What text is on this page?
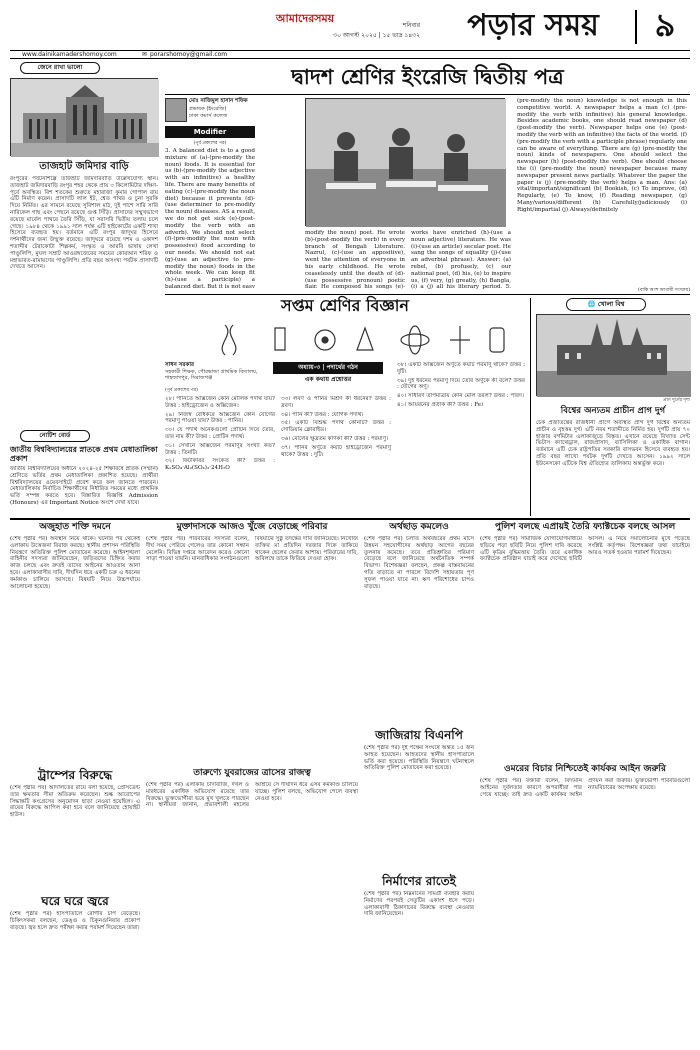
আমাদেরসময়
শনিবার
৩০ আগস্ট ২০২৫ | ১৫ ভাদ্র ১৪৩২	পড়ার সময়	৯
www.dainikamadershomoy.com	✉ porarshomoy@gmail.com
জেনে রাখা ভালো
তাজহাট জমিদার বাড়ি
রংপুরের পর্যটনশিল্পে তাজহাট জমিদারবাড়ি উল্লেখযোগ্য স্থান। তাজহাট জমিদারবাড়ি রংপুর শহর থেকে প্রায় ৩ কিলোমিটার দক্ষিণ-পূর্বে অবস্থিত। বিশ শতকের শুরুতে মহারাজা কুমার গোপাল রায় এটি নির্মাণ করেন। প্রাসাদটি লাল ইট, শ্বেত পাথর ও চুনা সুরকি দিয়ে নির্মিত। এর সামনে রয়েছে সুবিশাল মাঠ, দুই পাশে সারি সারি নারিকেল গাছ এবং পেছনে রয়েছে গুপ্ত সিঁড়ি। প্রাসাদের সম্মুখভাগে রয়েছে মার্বেল পাথরে তৈরি সিঁড়ি, যা সরাসরি দ্বিতীয় তলায় চলে গেছে। ১৯৮৪ থেকে ১৯৯১ সাল পর্যন্ত এটি হাইকোর্টের একটি শাখা হিসেবে ব্যবহৃত হয়। বর্তমানে এটি রংপুর জাদুঘর হিসেবে দর্শনার্থীদের জন্য উন্মুক্ত রয়েছে। জাদুঘরে রয়েছে দশম ও একাদশ শতাব্দীর টেরাকোটা শিল্পকর্ম, সংস্কৃত ও আরবি ভাষায় লেখা পাণ্ডুলিপি, মুঘল সম্রাট আওরঙ্গজেবের সময়ের কোরআন শরিফ ও মহাভারত-রামায়ণের পাণ্ডুলিপি। প্রতি বছর অসংখ্য পর্যটক প্রাসাদটি দেখতে আসেন।
নোটিশ বোর্ড
জাতীয় বিশ্ববিদ্যালয়ের স্নাতকে প্রথম মেধাতালিকা প্রকাশ
জাতীয় বিশ্ববিদ্যালয়ের অধীনে ২০২৪-২৫ শিক্ষাবর্ষে স্নাতক (সম্মান) শ্রেণিতে ভর্তির প্রথম মেধাতালিকা প্রকাশিত হয়েছে। প্রার্থীরা বিশ্ববিদ্যালয়ের ওয়েবসাইটে প্রবেশ করে ফল জানতে পারবেন। মেধাতালিকায় নির্বাচিত শিক্ষার্থীদের নির্ধারিত সময়ের মধ্যে প্রাথমিক ভর্তি সম্পন্ন করতে হবে। বিস্তারিত বিজ্ঞপ্তি Admission (Honours) এর Important Notice অংশে দেখা যাবে।
দ্বাদশ শ্রেণির ইংরেজি দ্বিতীয় পত্র
মোঃ নাজিমুল হাসান শফিক
প্রভাষক (ইংরেজি)
ঢাকা কমার্স কলেজ
Modifier
(পূর্ব প্রকাশের পর)
3. A balanced diet is to a good mixture of (a)-(pre-modify the noun) foods. It is essential for us (b)-(pre-modify the adjective with an infinitive) a healthy life. There are many benefits of eating (c)-(pre-modify the noun diet) because it prevents (d)-(use determiner to pre-modify the noun) diseases. AS a result, we do not get sick (e)-(post-modify the verb with an adverb). We should not select (f)-(pre-modify the noun with possessive) food according to our needs. We should not eat (g)-(use an adjective to pre-modify the noun) foods in the whole week. We can keep fit (h)-(use a participle) a balanced diet. But it is not easy
modify the noun) poet. He wrote (b)-(post-modify the verb) in every branch of Bengali Literature. Nazrul, (c)-(use an appositive), went the attention of everyone in his early childhood. He wrote ceaselessly until the death of (d)-(use possessive pronoun) poetic flair. He composed his songs (e)-
works have enriched (h)-(use a noun adjective) literature. He was (i)-(use an article) secular poet. He sang the songs of equality (j)-(use an adverbial phrase). Answer: (a) rebel, (b) profusely, (c) our national poet, (d) his, (e) to inspire us, (f) very, (g) greatly, (h) Bangla, (i) a (j) all his literary period. 5.
(pre-modify the noun) knowledge is not enough in this competitive world. A newspaper helps a man (c) (pre-modify the verb with infinitive) his general knowledge. Besides academic books, one should read newspaper (d) (post-modify the verb). Newspaper helps one (e) (post-modify the verb with an infinitive) the facts of the world. (f) (pre-modify the verb with a participle phrase) regularly one can be aware of everything. There are (g) (pre-modify the noun) kinds of newspapers. One should select the newspaper (h) (post-modify the verb). One should choose the (i) (pre-modify the noun) newspaper because many newspaper present news partially. Whatever the paper the paper is (j) (pre-modify the verb) helps a man. Ans: (a) vital/important/significant (b) Bookish, (c) To improve, (d) Regularly, (e) To know, (f) Reading newspaper, (g) Many/various/different (h) Carefully/judiciously (i) Right/impartial (j) Always/definitely
(বাকি অংশ আগামী সংখ্যায়)
সপ্তম শ্রেণির বিজ্ঞান
সাধন সরকার
সহকারী শিক্ষক, পৌরভান্ডা প্রাথমিক বিদ্যালয়, শাহজাদপুর, সিরাজগঞ্জ
অধ্যায়-৩ | পদার্থের গঠন
এক কথায় প্রশ্নোত্তর
(পূর্ব প্রকাশের পর)
২৮। পানিতে অক্সিজেন কোন মৌলিক পদার্থ যায়? উত্তর : হাইড্রোজেন ও অক্সিজেন।
২৯। নিজস্ব বোধকরে অক্সিজেন কোন যৌগের পরমাণু পাওয়া যায়? উত্তর : পানির।
৩০। যে পদার্থ অনেকগুলো প্রোটিন দিয়ে তৈরি, তার নাম কী? উত্তর : প্রোটিন পদার্থ।
৩১। সেখানে অক্সিজেন পরমাণুর সংখ্যা কত? উত্তর : তিনটি।
৩২। ফিটকিরির সংকেত কী? উত্তর : K₂SO₄·Al₂(SO₄)₃·24H₂O
৩৩। লবণ ও পানির মিশ্রণ কী ধরনের? উত্তর : দ্রবণ।
৩৪। পানি কী? উত্তর : যৌগিক পদার্থ।
৩৫। একটি বিশুদ্ধ পদার্থ কোনটি? উত্তর : সোডিয়াম ক্লোরাইড।
৩৬। মৌলের ক্ষুদ্রতম কণিকা কী? উত্তর : পরমাণু।
৩৭। পানির অণুতে কয়টি হাইড্রোজেন পরমাণু থাকে? উত্তর : দুটি।
৩৮। একটি অক্সিজেন অণুতে কয়টি পরমাণু থাকে? উত্তর : দুটি।
৩৯। দুই ধরনের পরমাণু দিয়ে তৈরি অণুকে কী বলে? উত্তর : যৌগের অণু।
৪০। সাধারণ তাপমাত্রায় কোন মৌল তরল? উত্তর : পারদ।
৪১। আয়রনের প্রতীক কী? উত্তর : Fe।
🌐 খোলা বিশ্ব
প্রাগ দুর্গের দৃশ্য
বিশ্বের অন্যতম প্রাচীন প্রাগ দুর্গ
চেক প্রজাতন্ত্রের রাজধানী প্রাগে অবস্থিত প্রাগ দুর্গ বিশ্বের অন্যতম প্রাচীন ও বৃহত্তম দুর্গ। এটি নবম শতাব্দীতে নির্মিত হয়। দুর্গটি প্রায় ৭০ হাজার বর্গমিটার এলাকাজুড়ে বিস্তৃত। এখানে রয়েছে বিখ্যাত সেন্ট ভিটাস ক্যাথেড্রাল, রাজপ্রাসাদ, ব্যাসিলিকা ও একাধিক বাগান। বর্তমানে এটি চেক রাষ্ট্রপতির সরকারি বাসভবন হিসেবে ব্যবহৃত হয়। প্রতি বছর লাখো পর্যটক দুর্গটি দেখতে আসেন। ১৯৯২ সালে ইউনেসকো এটিকে বিশ্ব ঐতিহ্যের তালিকায় অন্তর্ভুক্ত করে।
অজুহাত শক্তি দমনে
(শেষ পৃষ্ঠার পর) অবস্থান নিয়ে থাকে। ঘটনার পর থেকেই এলাকায় উত্তেজনা বিরাজ করছে। স্থানীয় প্রশাসন পরিস্থিতি নিয়ন্ত্রণে অতিরিক্ত পুলিশ মোতায়েন করেছে। আইনশৃঙ্খলা বাহিনীর সদস্যরা জানিয়েছেন, জড়িতদের চিহ্নিত করার কাজ চলছে এবং দ্রুতই তাদের আইনের আওতায় আনা হবে। এলাকাবাসীর দাবি, দীর্ঘদিন ধরে একটি চক্র এ ধরনের কর্মকাণ্ড চালিয়ে আসছে। বিষয়টি নিয়ে উচ্চপর্যায়ে আলোচনা হয়েছে।
ট্রাম্পের বিরুদ্ধে
(শেষ পৃষ্ঠার পর) আদালতের রায়ে বলা হয়েছে, প্রেসিডেন্ট তার ক্ষমতার সীমা অতিক্রম করেছেন। শুল্ক আরোপের সিদ্ধান্তটি কংগ্রেসের অনুমোদন ছাড়া নেওয়া হয়েছিল। এ রায়ের বিরুদ্ধে আপিল করা হবে বলে জানিয়েছে হোয়াইট হাউস।
ঘরে ঘরে জ্বরে
(শেষ পৃষ্ঠার পর) হাসপাতালে রোগীর চাপ বেড়েছে। চিকিৎসকরা বলছেন, ডেঙ্গু ও চিকুনগুনিয়ার প্রকোপ বাড়ছে। জ্বর হলে দ্রুত পরীক্ষা করার পরামর্শ দিয়েছেন তারা।
মুক্তাদাসকে আজও খুঁজে বেড়াচ্ছে পরিবার
(শেষ পৃষ্ঠার পর) পরিবারের সদস্যরা বলেন, দীর্ঘ সময় পেরিয়ে গেলেও তার কোনো সন্ধান মেলেনি। বিভিন্ন দপ্তরে আবেদন করেও কোনো সাড়া পাওয়া যায়নি। মানবাধিকার সংগঠনগুলো বিষয়টির সুষ্ঠু তদন্তের দাবি জানিয়েছে। নিখোঁজ ব্যক্তির মা প্রতিদিন দরজার দিকে তাকিয়ে থাকেন ছেলের ফেরার আশায়। পরিবারের দাবি, অবিলম্বে তাকে ফিরিয়ে দেওয়া হোক।
তারুণ্যে যুবরাজের ত্রাসের রাজত্ব
(শেষ পৃষ্ঠার পর) এলাকায় চাঁদাবাজি, দখল ও মারধরের একাধিক অভিযোগ রয়েছে তার বিরুদ্ধে। ভুক্তভোগীরা ভয়ে মুখ খুলতে পারছেন না। স্থানীয়রা জানান, প্রভাবশালী মহলের আশ্রয়ে সে দীর্ঘদিন ধরে এসব কর্মকাণ্ড চালিয়ে যাচ্ছে। পুলিশ বলছে, অভিযোগ পেলে ব্যবস্থা নেওয়া হবে।
অর্থছাড় কমলেও
(শেষ পৃষ্ঠার পর) চলতি অর্থবছরের প্রথম মাসে উন্নয়ন সহযোগীদের অর্থছাড় আগের বছরের তুলনায় কমেছে। তবে প্রতিশ্রুতির পরিমাণ বেড়েছে বলে জানিয়েছে অর্থনৈতিক সম্পর্ক বিভাগ। বিশেষজ্ঞরা বলছেন, প্রকল্প বাস্তবায়নের গতি বাড়াতে না পারলে বিদেশি সহায়তার পূর্ণ সুফল পাওয়া যাবে না। ঋণ পরিশোধের চাপও বাড়ছে।
জাজিরায় বিএনপি
(শেষ পৃষ্ঠার পর) দুই পক্ষের সংঘর্ষে অন্তত ১৫ জন আহত হয়েছেন। আহতদের স্থানীয় হাসপাতালে ভর্তি করা হয়েছে। পরিস্থিতি নিয়ন্ত্রণে ঘটনাস্থলে অতিরিক্ত পুলিশ মোতায়েন করা হয়েছে।
নির্মাণের রাতেই
(শেষ পৃষ্ঠার পর) নিম্নমানের সামগ্রী ব্যবহার করায় নির্মাণের পরপরই সেতুটির একাংশ ধসে পড়ে। এলাকাবাসী ঠিকাদারের বিরুদ্ধে ব্যবস্থা নেওয়ার দাবি জানিয়েছেন।
পুলিশ বলছে এপ্রায়ই তৈরি ফ্যাক্টচেক বলছে আসল
(শেষ পৃষ্ঠার পর) সামাজিক যোগাযোগমাধ্যমে ছড়িয়ে পড়া ছবিটি নিয়ে পুলিশ দাবি করেছে এটি কৃত্রিম বুদ্ধিমত্তায় তৈরি। তবে একাধিক ফ্যাক্টচেক প্রতিষ্ঠান যাচাই করে দেখেছে ছবিটি আসল। এ নিয়ে সমালোচনার মুখে পড়েছে সংশ্লিষ্ট কর্তৃপক্ষ। বিশেষজ্ঞরা তথ্য যাচাইয়ে আরও সতর্ক হওয়ার পরামর্শ দিয়েছেন।
ওমরের বিচার নিশ্চিতেই কার্যকর আইন জরুরি
(শেষ পৃষ্ঠার পর) বক্তারা বলেন, বিদ্যমান আইনের দুর্বলতার কারণে অপরাধীরা পার পেয়ে যাচ্ছে। তাই দ্রুত একটি কার্যকর আইন প্রণয়ন করা জরুরি। ভুক্তভোগী পরিবারগুলো ন্যায়বিচারের অপেক্ষায় রয়েছে।
